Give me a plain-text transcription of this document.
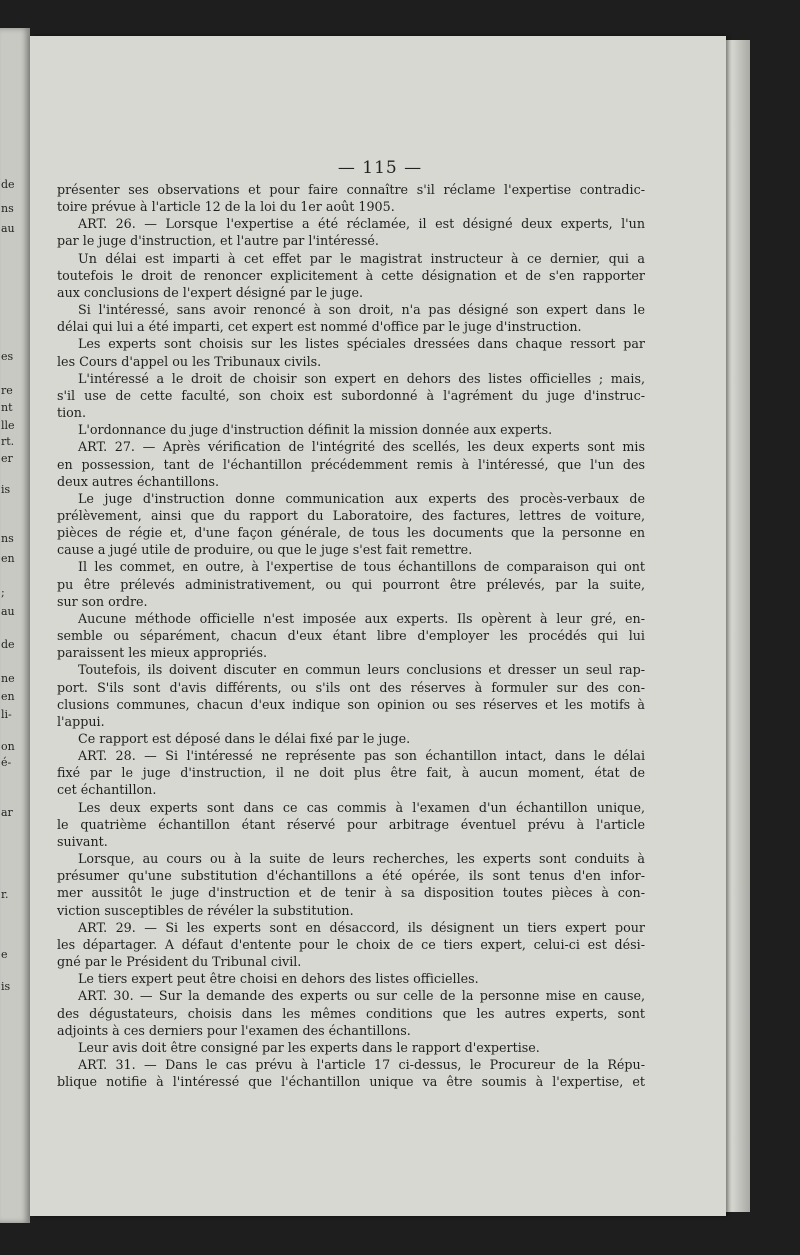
de
ns
au
es
re
nt
lle
rt.
er
is
ns
en
;
au
de
ne
en
li-
on
é-
ar
r.
e
is
— 115 —
présenter ses observations et pour faire connaître s'il réclame l'expertise contradic-
toire prévue à l'article 12 de la loi du 1er août 1905.
ART. 26. — Lorsque l'expertise a été réclamée, il est désigné deux experts, l'un
par le juge d'instruction, et l'autre par l'intéressé.
Un délai est imparti à cet effet par le magistrat instructeur à ce dernier, qui a
toutefois le droit de renoncer explicitement à cette désignation et de s'en rapporter
aux conclusions de l'expert désigné par le juge.
Si l'intéressé, sans avoir renoncé à son droit, n'a pas désigné son expert dans le
délai qui lui a été imparti, cet expert est nommé d'office par le juge d'instruction.
Les experts sont choisis sur les listes spéciales dressées dans chaque ressort par
les Cours d'appel ou les Tribunaux civils.
L'intéressé a le droit de choisir son expert en dehors des listes officielles ; mais,
s'il use de cette faculté, son choix est subordonné à l'agrément du juge d'instruc-
tion.
L'ordonnance du juge d'instruction définit la mission donnée aux experts.
ART. 27. — Après vérification de l'intégrité des scellés, les deux experts sont mis
en possession, tant de l'échantillon précédemment remis à l'intéressé, que l'un des
deux autres échantillons.
Le juge d'instruction donne communication aux experts des procès-verbaux de
prélèvement, ainsi que du rapport du Laboratoire, des factures, lettres de voiture,
pièces de régie et, d'une façon générale, de tous les documents que la personne en
cause a jugé utile de produire, ou que le juge s'est fait remettre.
Il les commet, en outre, à l'expertise de tous échantillons de comparaison qui ont
pu être prélevés administrativement, ou qui pourront être prélevés, par la suite,
sur son ordre.
Aucune méthode officielle n'est imposée aux experts. Ils opèrent à leur gré, en-
semble ou séparément, chacun d'eux étant libre d'employer les procédés qui lui
paraissent les mieux appropriés.
Toutefois, ils doivent discuter en commun leurs conclusions et dresser un seul rap-
port. S'ils sont d'avis différents, ou s'ils ont des réserves à formuler sur des con-
clusions communes, chacun d'eux indique son opinion ou ses réserves et les motifs à
l'appui.
Ce rapport est déposé dans le délai fixé par le juge.
ART. 28. — Si l'intéressé ne représente pas son échantillon intact, dans le délai
fixé par le juge d'instruction, il ne doit plus être fait, à aucun moment, état de
cet échantillon.
Les deux experts sont dans ce cas commis à l'examen d'un échantillon unique,
le quatrième échantillon étant réservé pour arbitrage éventuel prévu à l'article
suivant.
Lorsque, au cours ou à la suite de leurs recherches, les experts sont conduits à
présumer qu'une substitution d'échantillons a été opérée, ils sont tenus d'en infor-
mer aussitôt le juge d'instruction et de tenir à sa disposition toutes pièces à con-
viction susceptibles de révéler la substitution.
ART. 29. — Si les experts sont en désaccord, ils désignent un tiers expert pour
les départager. A défaut d'entente pour le choix de ce tiers expert, celui-ci est dési-
gné par le Président du Tribunal civil.
Le tiers expert peut être choisi en dehors des listes officielles.
ART. 30. — Sur la demande des experts ou sur celle de la personne mise en cause,
des dégustateurs, choisis dans les mêmes conditions que les autres experts, sont
adjoints à ces derniers pour l'examen des échantillons.
Leur avis doit être consigné par les experts dans le rapport d'expertise.
ART. 31. — Dans le cas prévu à l'article 17 ci-dessus, le Procureur de la Répu-
blique notifie à l'intéressé que l'échantillon unique va être soumis à l'expertise, et
